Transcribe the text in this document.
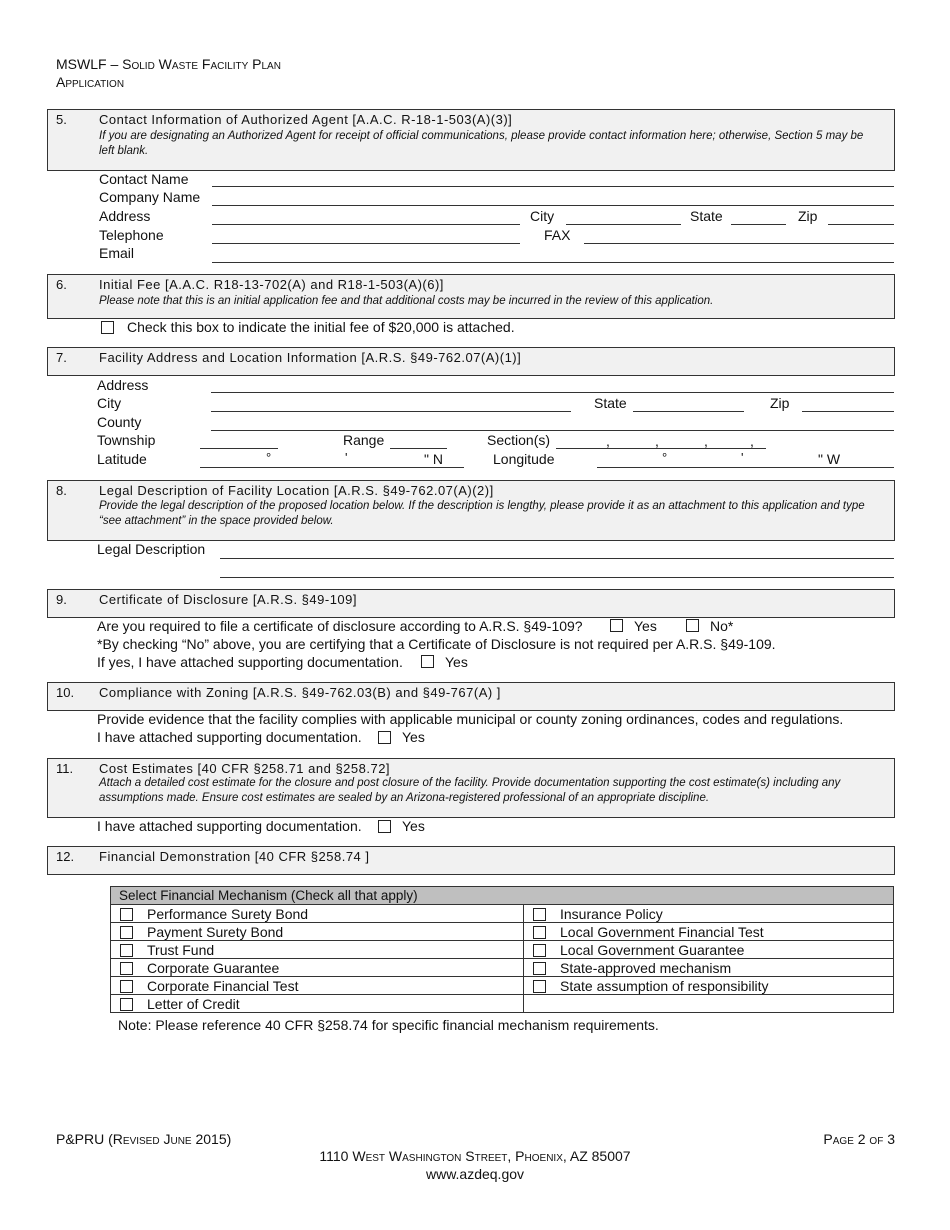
MSWLF – Solid Waste Facility Plan
Application
5. Contact Information of Authorized Agent [A.A.C. R-18-1-503(A)(3)]
If you are designating an Authorized Agent for receipt of official communications, please provide contact information here; otherwise, Section 5 may be left blank.
Contact Name
Company Name
Address	City	State	Zip
Telephone	FAX
Email
6. Initial Fee [A.A.C. R18-13-702(A) and R18-1-503(A)(6)]
Please note that this is an initial application fee and that additional costs may be incurred in the review of this application.
Check this box to indicate the initial fee of $20,000 is attached.
7. Facility Address and Location Information [A.R.S. §49-762.07(A)(1)]
Address
City	State	Zip
County
Township	Range	Section(s)	,	,	,	,
Latitude	°	'	" N	Longitude	°	'	" W
8. Legal Description of Facility Location [A.R.S. §49-762.07(A)(2)]
Provide the legal description of the proposed location below. If the description is lengthy, please provide it as an attachment to this application and type “see attachment” in the space provided below.
Legal Description
9. Certificate of Disclosure [A.R.S. §49-109]
Are you required to file a certificate of disclosure according to A.R.S. §49-109?	Yes	No*
*By checking “No” above, you are certifying that a Certificate of Disclosure is not required per A.R.S. §49-109.
If yes, I have attached supporting documentation.	Yes
10. Compliance with Zoning [A.R.S. §49-762.03(B) and §49-767(A) ]
Provide evidence that the facility complies with applicable municipal or county zoning ordinances, codes and regulations.
I have attached supporting documentation.	Yes
11. Cost Estimates [40 CFR §258.71 and §258.72]
Attach a detailed cost estimate for the closure and post closure of the facility. Provide documentation supporting the cost estimate(s) including any assumptions made. Ensure cost estimates are sealed by an Arizona-registered professional of an appropriate discipline.
I have attached supporting documentation.	Yes
12. Financial Demonstration [40 CFR §258.74 ]
Select Financial Mechanism (Check all that apply)	

Performance Surety Bond	Insurance Policy

Payment Surety Bond	Local Government Financial Test

Trust Fund	Local Government Guarantee

Corporate Guarantee	State-approved mechanism

Corporate Financial Test	State assumption of responsibility

Letter of Credit	
Note: Please reference 40 CFR §258.74 for specific financial mechanism requirements.
P&PRU (Revised June 2015)	Page 2 of 3
1110 West Washington Street, Phoenix, AZ 85007
www.azdeq.gov
